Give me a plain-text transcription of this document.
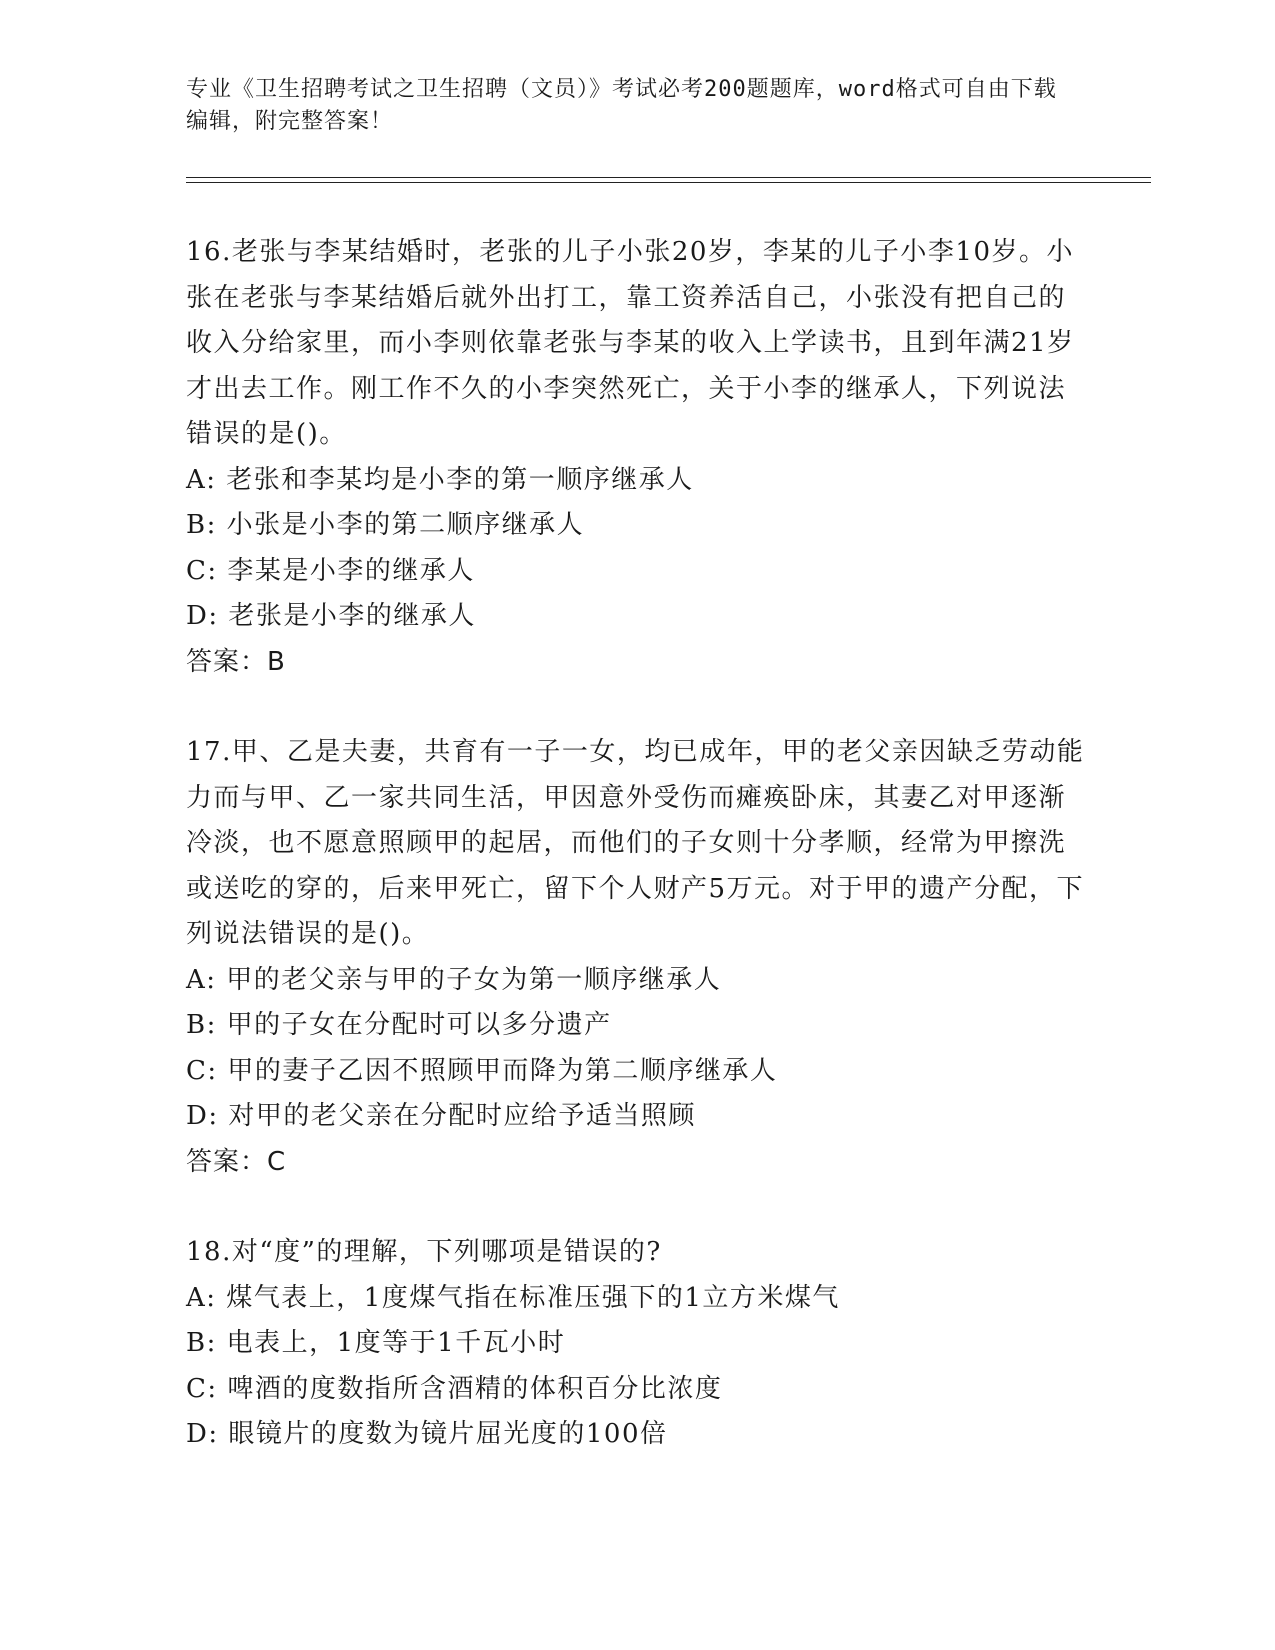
专业《卫生招聘考试之卫生招聘（文员）》考试必考200题题库，word格式可自由下载编辑，附完整答案！

16.老张与李某结婚时，老张的儿子小张20岁，李某的儿子小李10岁。小张在老张与李某结婚后就外出打工，靠工资养活自己，小张没有把自己的收入分给家里，而小李则依靠老张与李某的收入上学读书，且到年满21岁才出去工作。刚工作不久的小李突然死亡，关于小李的继承人，下列说法错误的是()。

A: 老张和李某均是小李的第一顺序继承人

B: 小张是小李的第二顺序继承人

C: 李某是小李的继承人

D: 老张是小李的继承人

答案：B

17.甲、乙是夫妻，共育有一子一女，均已成年，甲的老父亲因缺乏劳动能力而与甲、乙一家共同生活，甲因意外受伤而瘫痪卧床，其妻乙对甲逐渐冷淡，也不愿意照顾甲的起居，而他们的子女则十分孝顺，经常为甲擦洗或送吃的穿的，后来甲死亡，留下个人财产5万元。对于甲的遗产分配，下列说法错误的是()。

A: 甲的老父亲与甲的子女为第一顺序继承人

B: 甲的子女在分配时可以多分遗产

C: 甲的妻子乙因不照顾甲而降为第二顺序继承人

D: 对甲的老父亲在分配时应给予适当照顾

答案：C

18.对“度”的理解，下列哪项是错误的?

A: 煤气表上，1度煤气指在标准压强下的1立方米煤气

B: 电表上，1度等于1千瓦小时

C: 啤酒的度数指所含酒精的体积百分比浓度

D: 眼镜片的度数为镜片屈光度的100倍
